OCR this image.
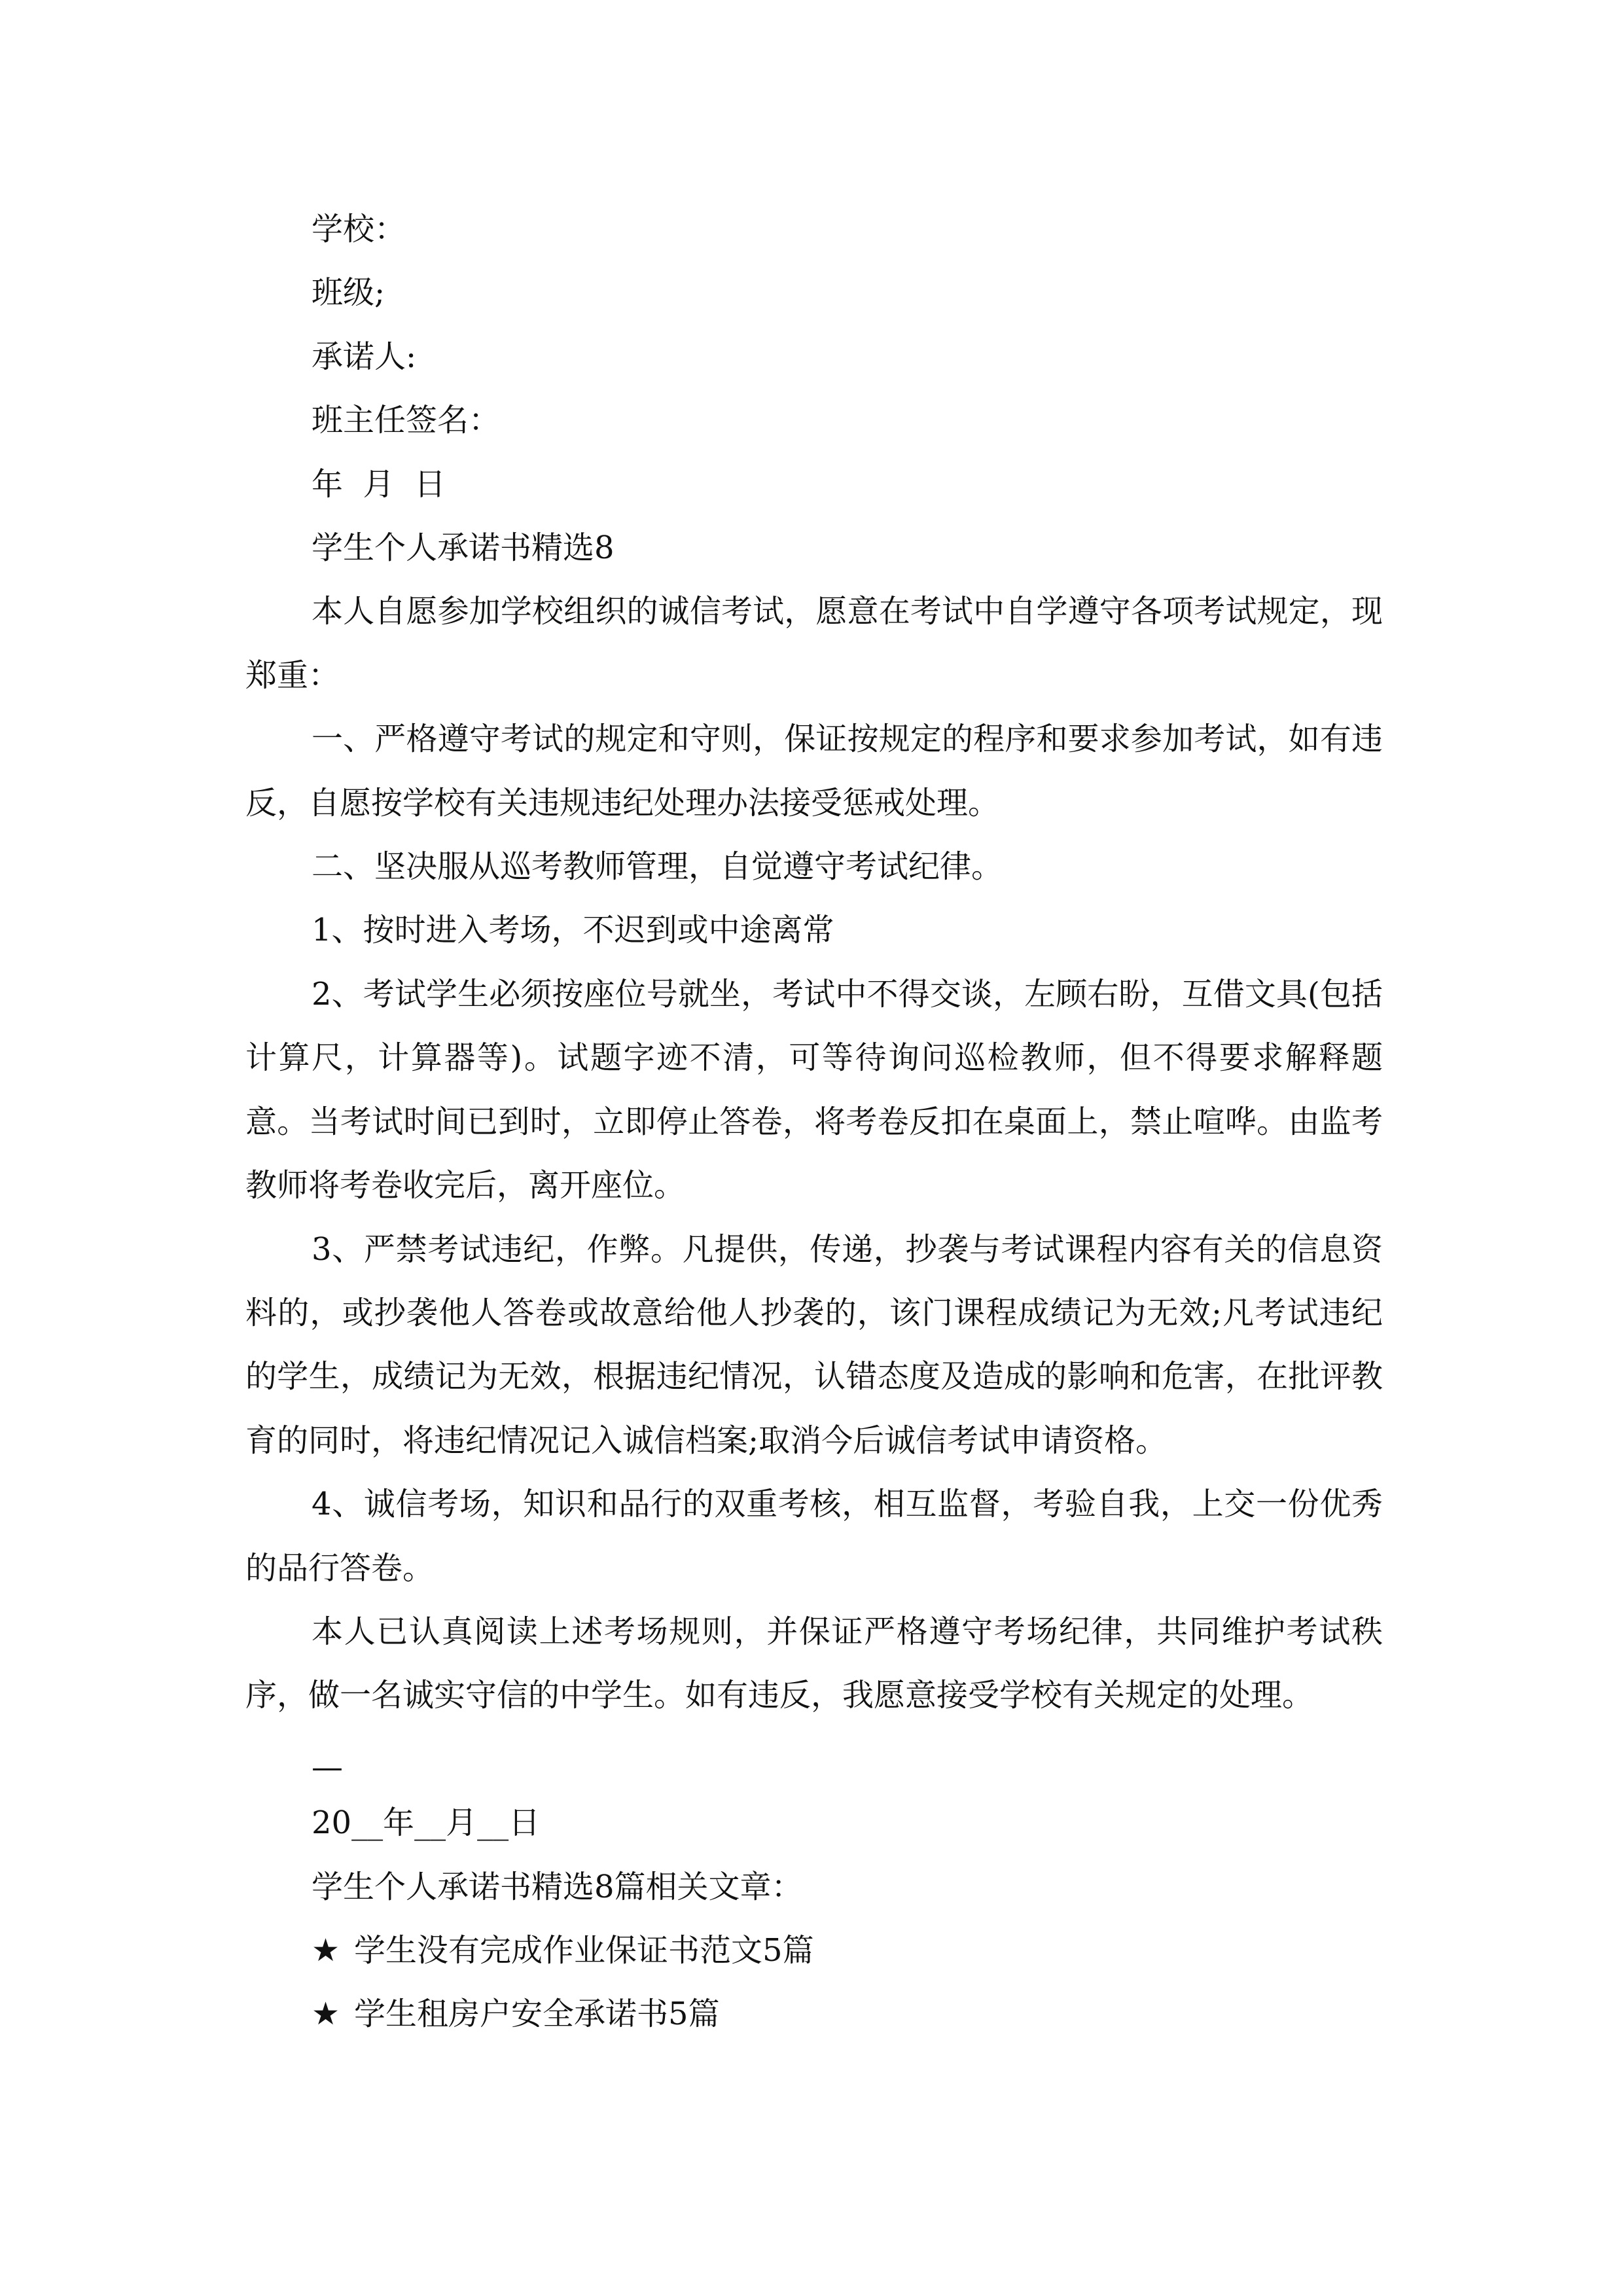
学校：

班级;

承诺人:

班主任签名：

年  月  日

学生个人承诺书精选8

本人自愿参加学校组织的诚信考试，愿意在考试中自学遵守各项考试规定，现郑重：

一、严格遵守考试的规定和守则，保证按规定的程序和要求参加考试，如有违反，自愿按学校有关违规违纪处理办法接受惩戒处理。

二、坚决服从巡考教师管理，自觉遵守考试纪律。

1、按时进入考场，不迟到或中途离常

2、考试学生必须按座位号就坐，考试中不得交谈，左顾右盼，互借文具(包括计算尺，计算器等)。试题字迹不清，可等待询问巡检教师，但不得要求解释题意。当考试时间已到时，立即停止答卷，将考卷反扣在桌面上，禁止喧哗。由监考教师将考卷收完后，离开座位。

3、严禁考试违纪，作弊。凡提供，传递，抄袭与考试课程内容有关的信息资料的，或抄袭他人答卷或故意给他人抄袭的，该门课程成绩记为无效;凡考试违纪的学生，成绩记为无效，根据违纪情况，认错态度及造成的影响和危害，在批评教育的同时，将违纪情况记入诚信档案;取消今后诚信考试申请资格。

4、诚信考场，知识和品行的双重考核，相互监督，考验自我，上交一份优秀的品行答卷。

本人已认真阅读上述考场规则，并保证严格遵守考场纪律，共同维护考试秩序，做一名诚实守信的中学生。如有违反，我愿意接受学校有关规定的处理。

—

20__年__月__日

学生个人承诺书精选8篇相关文章：

★ 学生没有完成作业保证书范文5篇

★ 学生租房户安全承诺书5篇
